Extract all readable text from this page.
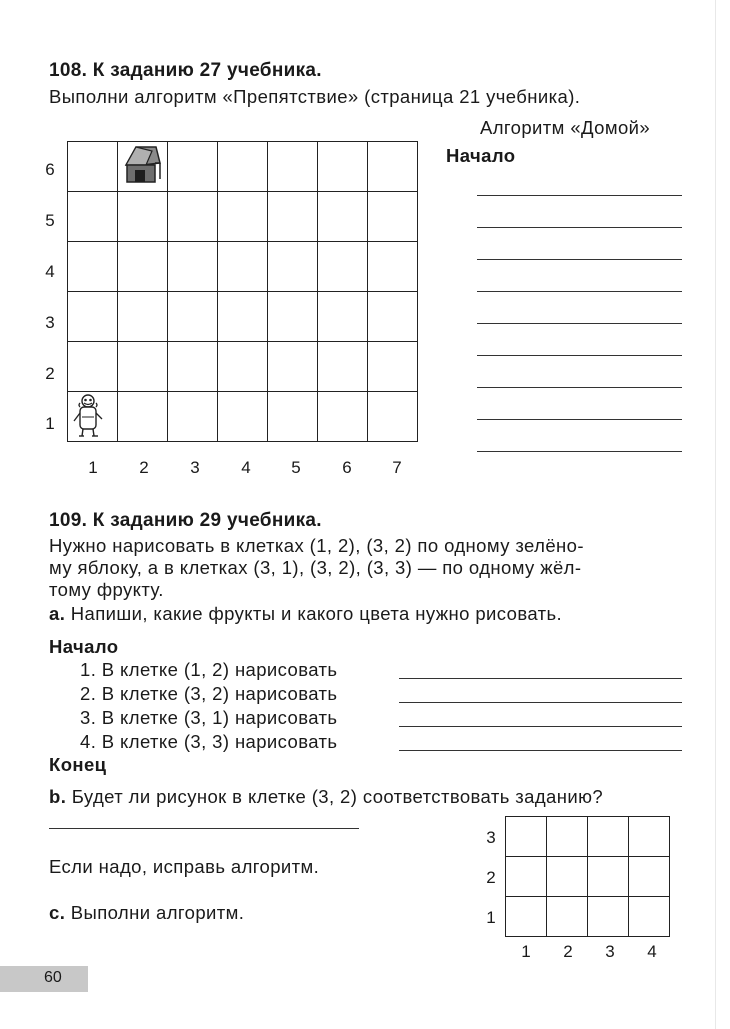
108. К заданию 27 учебника.
Выполни алгоритм «Препятствие» (страница 21 учебника).

6
5
4
3
2
1
1	2	3	4	5	6	7
Алгоритм «Домой»
Начало
109. К заданию 29 учебника.
Нужно нарисовать в клетках (1, 2), (3, 2) по одному зелёно-
му яблоку, а в клетках (3, 1), (3, 2), (3, 3) — по одному жёл-
тому фрукту.
а. Напиши, какие фрукты и какого цвета нужно рисовать.
Начало
1. В клетке (1, 2) нарисовать
2. В клетке (3, 2) нарисовать
3. В клетке (3, 1) нарисовать
4. В клетке (3, 3) нарисовать
Конец
b. Будет ли рисунок в клетке (3, 2) соответствовать заданию?
Если надо, исправь алгоритм.
c. Выполни алгоритм.

3
2
1
1	2	3	4
60
